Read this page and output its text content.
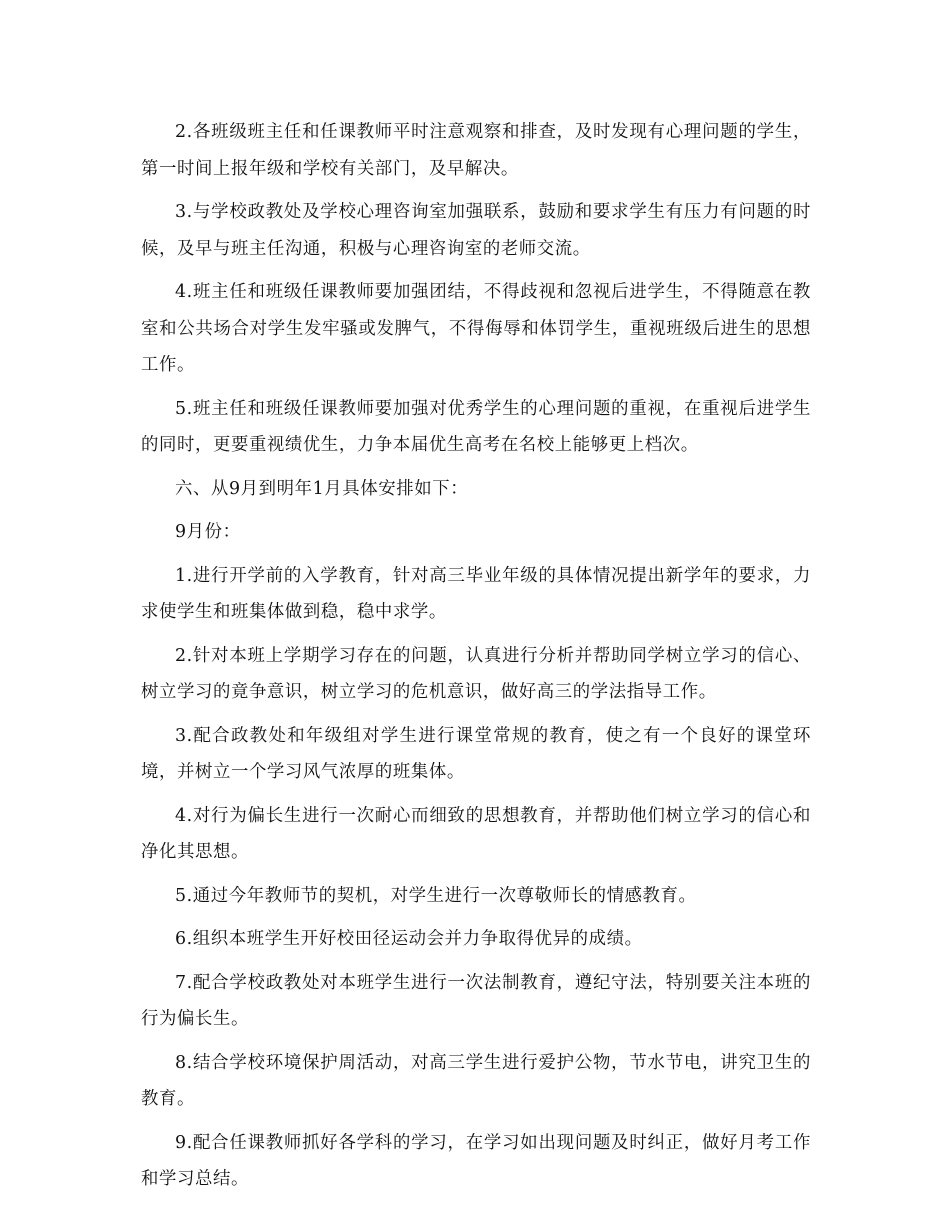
2.各班级班主任和任课教师平时注意观察和排查，及时发现有心理问题的学生，第一时间上报年级和学校有关部门，及早解决。

3.与学校政教处及学校心理咨询室加强联系，鼓励和要求学生有压力有问题的时候，及早与班主任沟通，积极与心理咨询室的老师交流。

4.班主任和班级任课教师要加强团结，不得歧视和忽视后进学生，不得随意在教室和公共场合对学生发牢骚或发脾气，不得侮辱和体罚学生，重视班级后进生的思想工作。

5.班主任和班级任课教师要加强对优秀学生的心理问题的重视，在重视后进学生的同时，更要重视绩优生，力争本届优生高考在名校上能够更上档次。

六、从9月到明年1月具体安排如下：

9月份：

1.进行开学前的入学教育，针对高三毕业年级的具体情况提出新学年的要求，力求使学生和班集体做到稳，稳中求学。

2.针对本班上学期学习存在的问题，认真进行分析并帮助同学树立学习的信心、树立学习的竟争意识，树立学习的危机意识，做好高三的学法指导工作。

3.配合政教处和年级组对学生进行课堂常规的教育，使之有一个良好的课堂环境，并树立一个学习风气浓厚的班集体。

4.对行为偏长生进行一次耐心而细致的思想教育，并帮助他们树立学习的信心和净化其思想。

5.通过今年教师节的契机，对学生进行一次尊敬师长的情感教育。

6.组织本班学生开好校田径运动会并力争取得优异的成绩。

7.配合学校政教处对本班学生进行一次法制教育，遵纪守法，特别要关注本班的行为偏长生。

8.结合学校环境保护周活动，对高三学生进行爱护公物，节水节电，讲究卫生的教育。

9.配合任课教师抓好各学科的学习，在学习如出现问题及时纠正，做好月考工作和学习总结。
